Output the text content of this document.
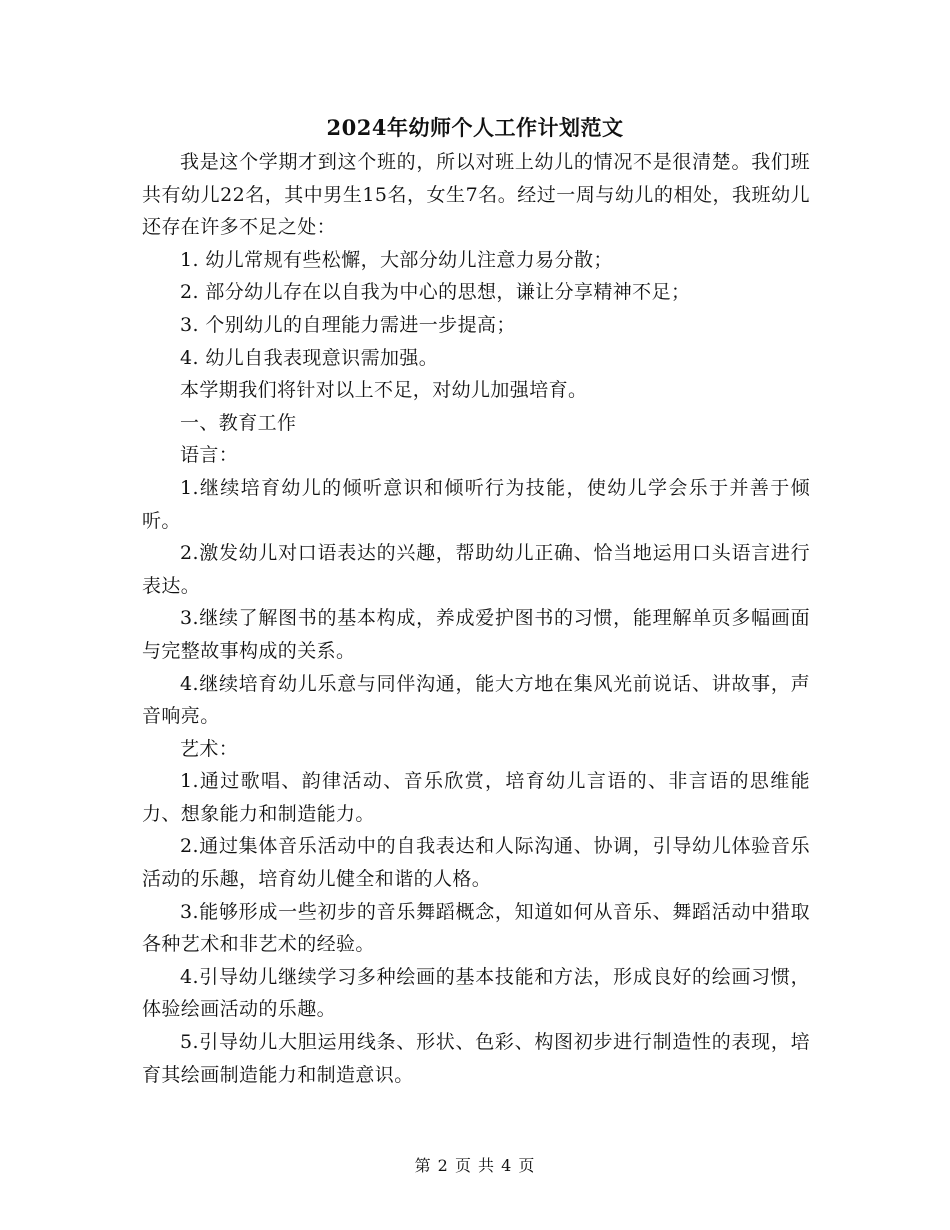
2024年幼师个人工作计划范文

我是这个学期才到这个班的，所以对班上幼儿的情况不是很清楚。我们班共有幼儿22名，其中男生15名，女生7名。经过一周与幼儿的相处，我班幼儿还存在许多不足之处：

1. 幼儿常规有些松懈，大部分幼儿注意力易分散；

2. 部分幼儿存在以自我为中心的思想，谦让分享精神不足；

3. 个别幼儿的自理能力需进一步提高；

4. 幼儿自我表现意识需加强。

本学期我们将针对以上不足，对幼儿加强培育。

一、教育工作

语言：

1.继续培育幼儿的倾听意识和倾听行为技能，使幼儿学会乐于并善于倾听。

2.激发幼儿对口语表达的兴趣，帮助幼儿正确、恰当地运用口头语言进行表达。

3.继续了解图书的基本构成，养成爱护图书的习惯，能理解单页多幅画面与完整故事构成的关系。

4.继续培育幼儿乐意与同伴沟通，能大方地在集风光前说话、讲故事，声音响亮。

艺术：

1.通过歌唱、韵律活动、音乐欣赏，培育幼儿言语的、非言语的思维能力、想象能力和制造能力。

2.通过集体音乐活动中的自我表达和人际沟通、协调，引导幼儿体验音乐活动的乐趣，培育幼儿健全和谐的人格。

3.能够形成一些初步的音乐舞蹈概念，知道如何从音乐、舞蹈活动中猎取各种艺术和非艺术的经验。

4.引导幼儿继续学习多种绘画的基本技能和方法，形成良好的绘画习惯，体验绘画活动的乐趣。

5.引导幼儿大胆运用线条、形状、色彩、构图初步进行制造性的表现，培育其绘画制造能力和制造意识。

第 2 页 共 4 页
